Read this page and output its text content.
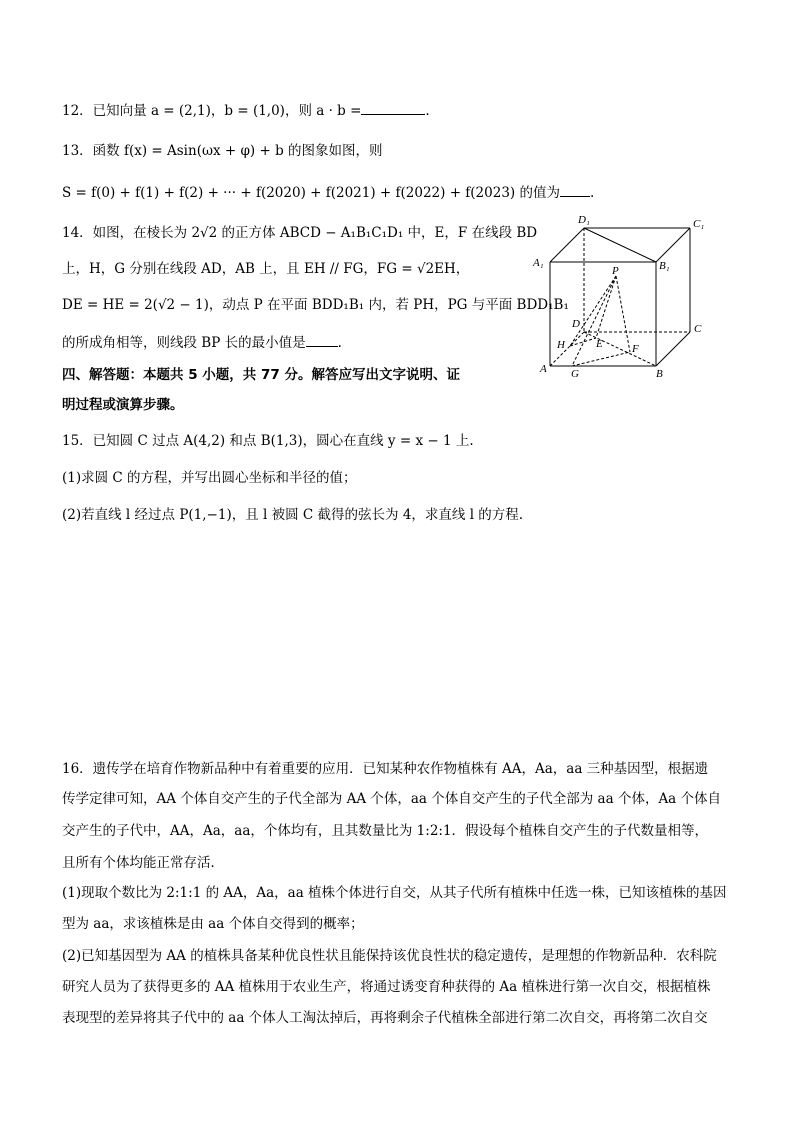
12．已知向量 a = (2,1)，b = (1,0)，则 a · b =	.
13．函数 f(x) = Asin(ωx + φ) + b 的图象如图，则
S = f(0) + f(1) + f(2) + ··· + f(2020) + f(2021) + f(2022) + f(2023) 的值为 .
14．如图，在棱长为 2√2 的正方体 ABCD − A₁B₁C₁D₁ 中，E，F 在线段 BD
上，H，G 分别在线段 AD，AB 上，且 EH // FG，FG = √2EH，
DE = HE = 2(√2 − 1)，动点 P 在平面 BDD₁B₁ 内，若 PH，PG 与平面 BDD₁B₁
的所成角相等，则线段 BP 长的最小值是 .
四、解答题：本题共 5 小题，共 77 分。解答应写出文字说明、证
明过程或演算步骤。
15．已知圆 C 过点 A(4,2) 和点 B(1,3)，圆心在直线 y = x − 1 上.
(1)求圆 C 的方程，并写出圆心坐标和半径的值；
(2)若直线 l 经过点 P(1,−1)，且 l 被圆 C 截得的弦长为 4，求直线 l 的方程.
16．遗传学在培育作物新品种中有着重要的应用．已知某种农作物植株有 AA，Aa，aa 三种基因型，根据遗
传学定律可知，AA 个体自交产生的子代全部为 AA 个体，aa 个体自交产生的子代全部为 aa 个体，Aa 个体自
交产生的子代中，AA，Aa，aa，个体均有，且其数量比为 1:2:1．假设每个植株自交产生的子代数量相等，
且所有个体均能正常存活．
(1)现取个数比为 2:1:1 的 AA，Aa，aa 植株个体进行自交，从其子代所有植株中任选一株，已知该植株的基因
型为 aa，求该植株是由 aa 个体自交得到的概率；
(2)已知基因型为 AA 的植株具备某种优良性状且能保持该优良性状的稳定遗传，是理想的作物新品种．农科院
研究人员为了获得更多的 AA 植株用于农业生产，将通过诱变育种获得的 Aa 植株进行第一次自交，根据植株
表现型的差异将其子代中的 aa 个体人工淘汰掉后，再将剩余子代植株全部进行第二次自交，再将第二次自交
D₁	C₁
A₁	B₁
P
D	C
H	E	F
A G	B
